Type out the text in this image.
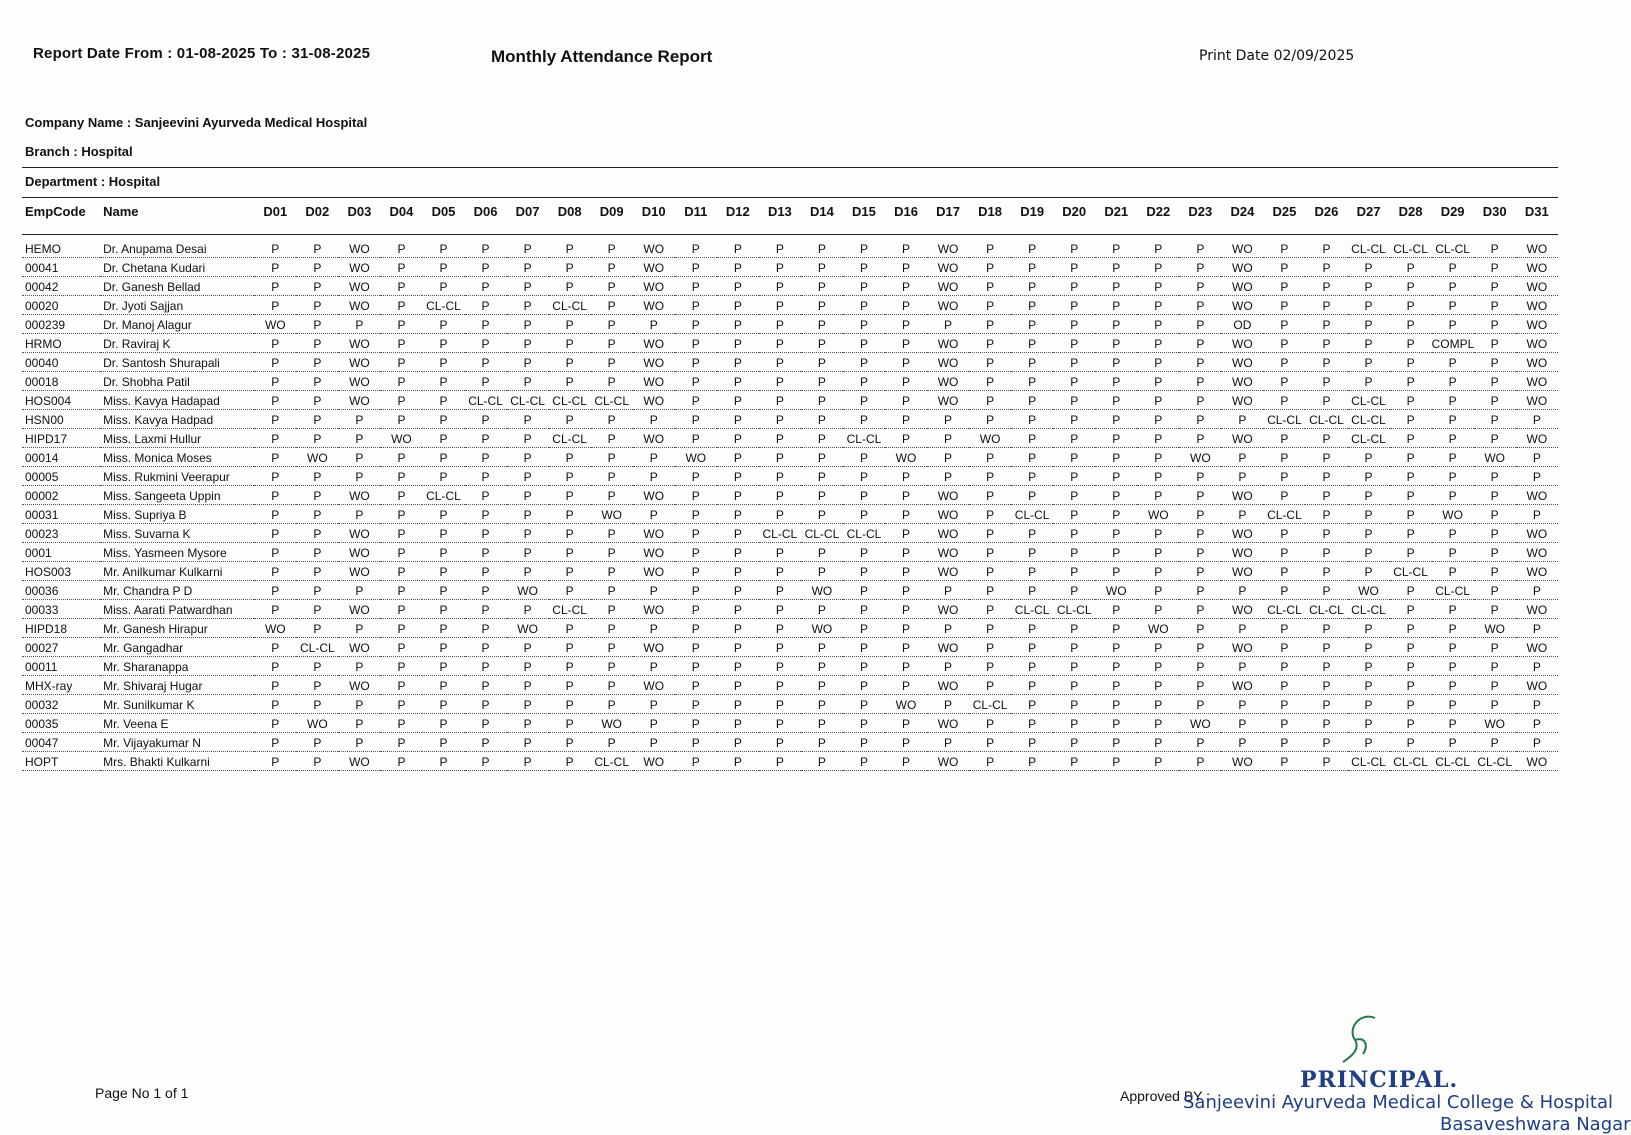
Report Date From : 01-08-2025 To : 31-08-2025	Monthly Attendance Report	Print Date 02/09/2025
Company Name : Sanjeevini Ayurveda Medical Hospital
Branch : Hospital
Department : Hospital
EmpCode	Name	D01	D02	D03	D04	D05	D06	D07	D08	D09	D10	D11	D12	D13	D14	D15	D16	D17	D18	D19	D20	D21	D22	D23	D24	D25	D26	D27	D28	D29	D30	D31

HEMO	Dr. Anupama Desai	P	P	WO	P	P	P	P	P	P	WO	P	P	P	P	P	P	WO	P	P	P	P	P	P	WO	P	P	CL-CL	CL-CL	CL-CL	P	WO
00041	Dr. Chetana Kudari	P	P	WO	P	P	P	P	P	P	WO	P	P	P	P	P	P	WO	P	P	P	P	P	P	WO	P	P	P	P	P	P	WO
00042	Dr. Ganesh Bellad	P	P	WO	P	P	P	P	P	P	WO	P	P	P	P	P	P	WO	P	P	P	P	P	P	WO	P	P	P	P	P	P	WO
00020	Dr. Jyoti Sajjan	P	P	WO	P	CL-CL	P	P	CL-CL	P	WO	P	P	P	P	P	P	WO	P	P	P	P	P	P	WO	P	P	P	P	P	P	WO
000239	Dr. Manoj Alagur	WO	P	P	P	P	P	P	P	P	P	P	P	P	P	P	P	P	P	P	P	P	P	P	OD	P	P	P	P	P	P	WO
HRMO	Dr. Raviraj K	P	P	WO	P	P	P	P	P	P	WO	P	P	P	P	P	P	WO	P	P	P	P	P	P	WO	P	P	P	P	COMPL	P	WO
00040	Dr. Santosh Shurapali	P	P	WO	P	P	P	P	P	P	WO	P	P	P	P	P	P	WO	P	P	P	P	P	P	WO	P	P	P	P	P	P	WO
00018	Dr. Shobha Patil	P	P	WO	P	P	P	P	P	P	WO	P	P	P	P	P	P	WO	P	P	P	P	P	P	WO	P	P	P	P	P	P	WO
HOS004	Miss. Kavya Hadapad	P	P	WO	P	P	CL-CL	CL-CL	CL-CL	CL-CL	WO	P	P	P	P	P	P	WO	P	P	P	P	P	P	WO	P	P	CL-CL	P	P	P	WO
HSN00	Miss. Kavya Hadpad	P	P	P	P	P	P	P	P	P	P	P	P	P	P	P	P	P	P	P	P	P	P	P	P	CL-CL	CL-CL	CL-CL	P	P	P	P
HIPD17	Miss. Laxmi Hullur	P	P	P	WO	P	P	P	CL-CL	P	WO	P	P	P	P	CL-CL	P	P	WO	P	P	P	P	P	WO	P	P	CL-CL	P	P	P	WO
00014	Miss. Monica Moses	P	WO	P	P	P	P	P	P	P	P	WO	P	P	P	P	WO	P	P	P	P	P	P	WO	P	P	P	P	P	P	WO	P
00005	Miss. Rukmini Veerapur	P	P	P	P	P	P	P	P	P	P	P	P	P	P	P	P	P	P	P	P	P	P	P	P	P	P	P	P	P	P	P
00002	Miss. Sangeeta Uppin	P	P	WO	P	CL-CL	P	P	P	P	WO	P	P	P	P	P	P	WO	P	P	P	P	P	P	WO	P	P	P	P	P	P	WO
00031	Miss. Supriya B	P	P	P	P	P	P	P	P	WO	P	P	P	P	P	P	P	WO	P	CL-CL	P	P	WO	P	P	CL-CL	P	P	P	WO	P	P
00023	Miss. Suvarna K	P	P	WO	P	P	P	P	P	P	WO	P	P	CL-CL	CL-CL	CL-CL	P	WO	P	P	P	P	P	P	WO	P	P	P	P	P	P	WO
0001	Miss. Yasmeen Mysore	P	P	WO	P	P	P	P	P	P	WO	P	P	P	P	P	P	WO	P	P	P	P	P	P	WO	P	P	P	P	P	P	WO
HOS003	Mr. Anilkumar Kulkarni	P	P	WO	P	P	P	P	P	P	WO	P	P	P	P	P	P	WO	P	P	P	P	P	P	WO	P	P	P	CL-CL	P	P	WO
00036	Mr. Chandra P D	P	P	P	P	P	P	WO	P	P	P	P	P	P	WO	P	P	P	P	P	P	WO	P	P	P	P	P	WO	P	CL-CL	P	P
00033	Miss. Aarati Patwardhan	P	P	WO	P	P	P	P	CL-CL	P	WO	P	P	P	P	P	P	WO	P	CL-CL	CL-CL	P	P	P	WO	CL-CL	CL-CL	CL-CL	P	P	P	WO
HIPD18	Mr. Ganesh Hirapur	WO	P	P	P	P	P	WO	P	P	P	P	P	P	WO	P	P	P	P	P	P	P	WO	P	P	P	P	P	P	P	WO	P
00027	Mr. Gangadhar	P	CL-CL	WO	P	P	P	P	P	P	WO	P	P	P	P	P	P	WO	P	P	P	P	P	P	WO	P	P	P	P	P	P	WO
00011	Mr. Sharanappa	P	P	P	P	P	P	P	P	P	P	P	P	P	P	P	P	P	P	P	P	P	P	P	P	P	P	P	P	P	P	P
MHX-ray	Mr. Shivaraj Hugar	P	P	WO	P	P	P	P	P	P	WO	P	P	P	P	P	P	WO	P	P	P	P	P	P	WO	P	P	P	P	P	P	WO
00032	Mr. Sunilkumar K	P	P	P	P	P	P	P	P	P	P	P	P	P	P	P	WO	P	CL-CL	P	P	P	P	P	P	P	P	P	P	P	P	P
00035	Mr. Veena E	P	WO	P	P	P	P	P	P	WO	P	P	P	P	P	P	P	WO	P	P	P	P	P	WO	P	P	P	P	P	P	WO	P
00047	Mr. Vijayakumar N	P	P	P	P	P	P	P	P	P	P	P	P	P	P	P	P	P	P	P	P	P	P	P	P	P	P	P	P	P	P	P
HOPT	Mrs. Bhakti Kulkarni	P	P	WO	P	P	P	P	P	CL-CL	WO	P	P	P	P	P	P	WO	P	P	P	P	P	P	WO	P	P	CL-CL	CL-CL	CL-CL	CL-CL	WO
Page No 1 of 1	Approved BY :
PRINCIPAL.
Sanjeevini Ayurveda Medical College & Hospital
Basaveshwara Nagar
